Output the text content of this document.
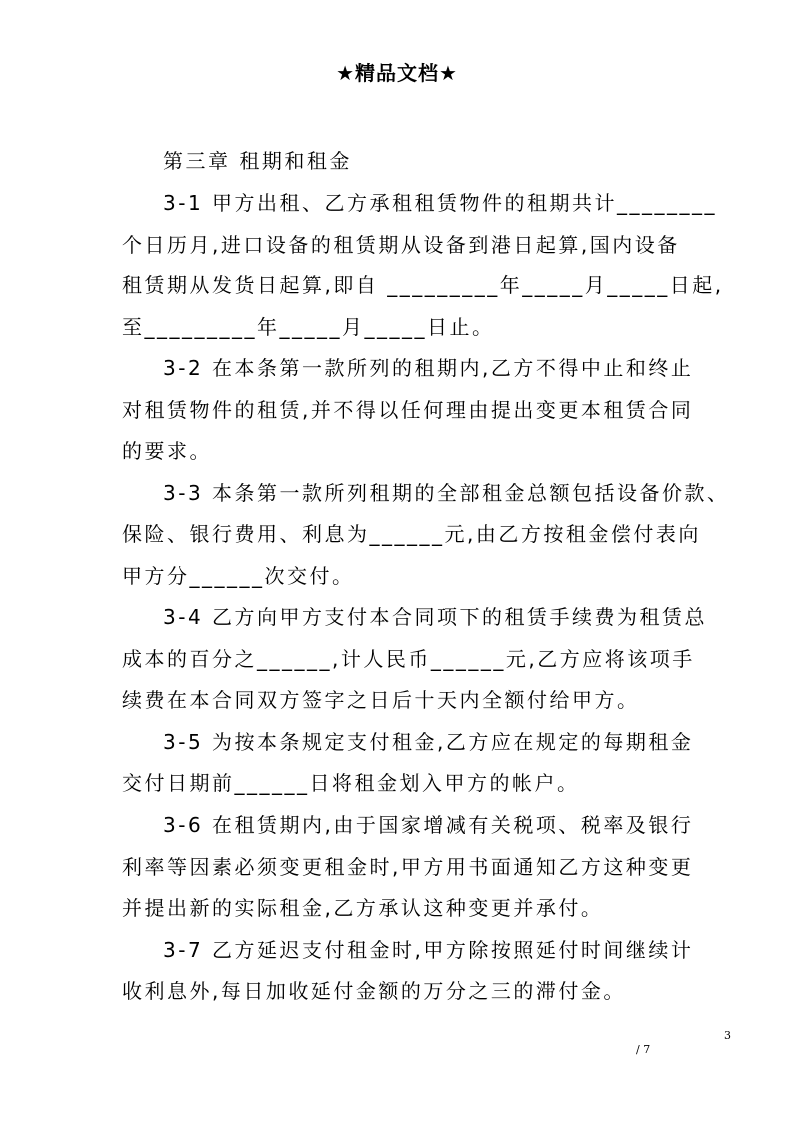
★精品文档★
第三章 租期和租金
3-1 甲方出租、乙方承租租赁物件的租期共计________
个日历月,进口设备的租赁期从设备到港日起算,国内设备
租赁期从发货日起算,即自 _________年_____月_____日起,
至_________年_____月_____日止。
3-2 在本条第一款所列的租期内,乙方不得中止和终止
对租赁物件的租赁,并不得以任何理由提出变更本租赁合同
的要求。
3-3 本条第一款所列租期的全部租金总额包括设备价款、
保险、银行费用、利息为______元,由乙方按租金偿付表向
甲方分______次交付。
3-4 乙方向甲方支付本合同项下的租赁手续费为租赁总
成本的百分之______,计人民币______元,乙方应将该项手
续费在本合同双方签字之日后十天内全额付给甲方。
3-5 为按本条规定支付租金,乙方应在规定的每期租金
交付日期前______日将租金划入甲方的帐户。
3-6 在租赁期内,由于国家增减有关税项、税率及银行
利率等因素必须变更租金时,甲方用书面通知乙方这种变更
并提出新的实际租金,乙方承认这种变更并承付。
3-7 乙方延迟支付租金时,甲方除按照延付时间继续计
收利息外,每日加收延付金额的万分之三的滞付金。
3
/ 7
